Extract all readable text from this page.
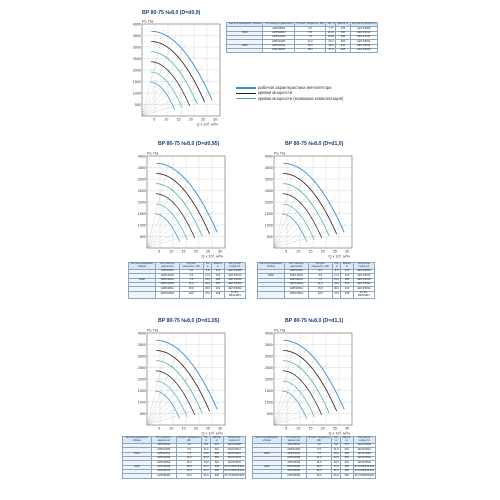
ВР 80-75 №8,0 (D=d0,9)
4000
3500
3000
2500
2000
1500
1000
500
5	10 15 20 25 30
Pv, Па
Q x 10³, м³/ч
Частота вращения, об/мин	Тип электро-двигателя	Потреб. мощность, кВт	Ток, А	Масса, кг	Регулятор скорости
	АИР100S4	3,0	7,77	275	1ЕЛ-Р3008
1500	АИР112М4	5,5	11,20	310	1ЕЛ-Р3012
	АИР132S4	7,5	15,60	328	1ЕЛ-Р3016
	АИР132М4	11,0	22,0	352	1ЕЛ-Р3024
1000	АИР160S4	15,0	30,0	410	1ЕЛ-Р3032
	АИР160М4	18,5	37,0	428	1ЕЛ-Р3040
рабочая характеристика вентилятора
кривая мощности
кривая мощности (возможна комплектация)
ВР 80-75 №8,0 (D=d0,95)
4000
3500
3000
2500
2000
1500
1000
500
5	10 15 20 25 30
Pv, Па
Q x 10³, м³/ч
Частота вращения, об/мин	Тип электро-двигателя	Потреб. мощность, кВт	Ток, А	Масса, кг	Регулятор скорости
	АИР100S4	4,0	8,8	275	1ЕЛ-Р3008
	АИР112М4	5,5	11,6	310	1ЕЛ-Р3012
1500	АИР132S4	7,5	15,6	328	1ЕЛ-Р3016
	АИР132М4	11,0	22,0	352	1ЕЛ-Р3024
	АИР160S4	15,0	30,0	410	1ЕЛ-Р3032
	АИР160М4	18,5	37,0	428	АТ-КЛ-ВЗ/32ЭЛ4
ВР 80-75 №8,0 (D=d1,0)
4000
3500
3000
2500
2000
1500
1000
500
5	10 15 20 25 30
Pv, Па
Q x 10³, м³/ч
Частота вращения, об/мин	Тип электро-двигателя	Потреб. мощность, кВт	Ток, А	Масса, кг	Регулятор скорости
	АИР100S4	4,0	8,8	275	1ЕЛ-Р3008
1500	АИР112М4	5,5	11,6	310	1ЕЛ-Р3012
	АИР132S4	7,5	15,6	328	1ЕЛ-Р3016
	АИР132М4	11,0	22,0	352	1ЕЛ-Р3024
	АИР160S4	15,0	30,0	410	1ЕЛ-Р3032
	АИР160М4	18,5	37,0	428	АТ-КЛ-ВЗ/32ЭЛ4
ВР 80-75 №8,0 (D=d1,05)
4000
3500
3000
2500
2000
1500
1000
500
5	10 15 20 25 30
Pv, Па
Q x 10³, м³/ч
Частота вращения, об/мин	Тип электро-двигателя	Потреб. мощность, кВт	Ток, А	Масса, кг	Регулятор скорости
	АИР100S4	4,0	8,8	275	1ЕЛ-Р3008
	АИР112М4	5,5	11,6	310	1ЕЛ-Р3012
1500	АИР132S4	7,5	15,6	328	1ЕЛ-Р3016
	АИР132М4	11,0	22,0	352	1ЕЛ-Р3024
	АИР160S4	15,0	30,0	410	1ЕЛ-Р3032
1000	АИР160М4	18,5	37,0	428	АТ-КЛ-ВЗ/32ЭЛ4
	АИР180S4	22,0	41,0	460	АТ-КЛ-ВЗ/45ЭЛ4
	АИР180М4	30,0	56,0	500	АТ-КЛ-ВЗ/60ЭЛ4
ВР 80-75 №8,0 (D=d1,1)
4000
3500
3000
2500
2000
1500
1000
500
5	10 15 20 25 30
Pv, Па
Q x 10³, м³/ч
Частота вращения, об/мин	Тип электро-двигателя	Потреб. мощность, кВт	Ток, А	Масса, кг	Регулятор скорости
	АИР100S4	4,0	8,8	275	1ЕЛ-Р3008
	АИР112М4	5,5	11,6	310	1ЕЛ-Р3012
1500	АИР132S4	7,5	15,6	328	1ЕЛ-Р3016
	АИР132М4	11,0	22,0	352	1ЕЛ-Р3024
	АИР160S4	15,0	30,0	410	1ЕЛ-Р3032
1000	АИР160М4	18,5	37,0	428	АТ-КЛ-ВЗ/32ЭЛ4
	АИР180S4	22,0	41,0	460	АТ-КЛ-ВЗ/45ЭЛ4
	АИР180М4	30,0	56,0	500	АТ-КЛ-ВЗ/60ЭЛ4
